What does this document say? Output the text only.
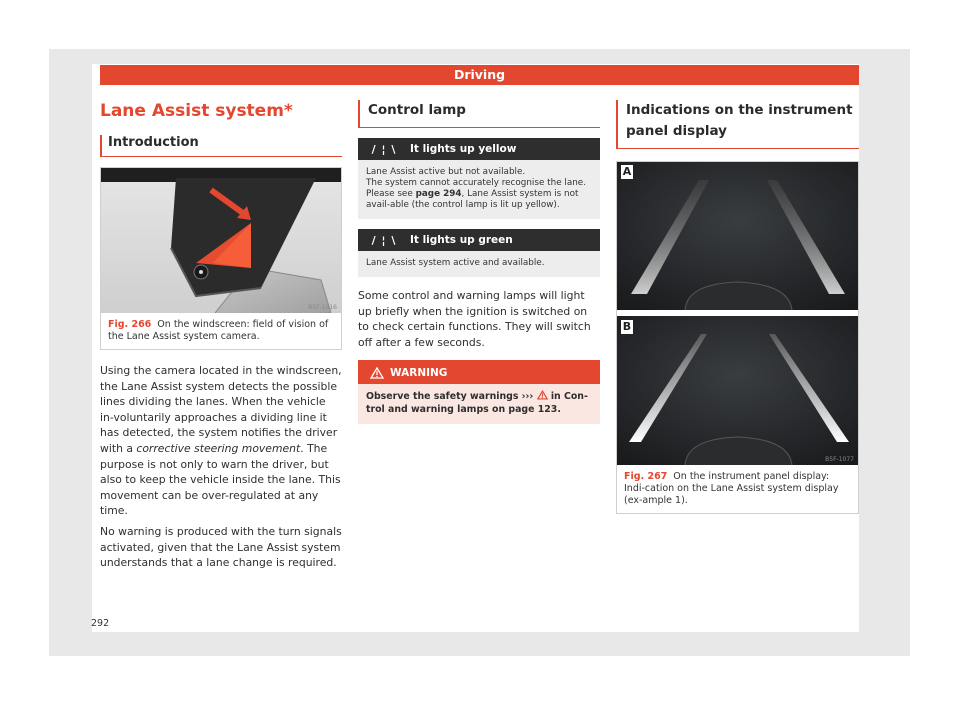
Driving
Lane Assist system*
Introduction
B5F-1016
Fig. 266 On the windscreen: field of vision of the Lane Assist system camera.

Using the camera located in the windscreen, the Lane Assist system detects the possible lines dividing the lanes. When the vehicle in-voluntarily approaches a dividing line it has detected, the system notifies the driver with a corrective steering movement. The purpose is not only to warn the driver, but also to keep the vehicle inside the lane. This movement can be over-regulated at any time.

No warning is produced with the turn signals activated, given that the Lane Assist system understands that a lane change is required.

Control lamp
/ ¦ \	It lights up yellow
Lane Assist active but not available.
The system cannot accurately recognise the lane. Please see page 294, Lane Assist system is not avail-able (the control lamp is lit up yellow).
/ ¦ \	It lights up green
Lane Assist system active and available.
Some control and warning lamps will light up briefly when the ignition is switched on to check certain functions. They will switch off after a few seconds.
WARNING
Observe the safety warnings ››› in Con-trol and warning lamps on page 123.
Indications on the instrument panel display
A
B
B5F-1077
Fig. 267 On the instrument panel display: Indi-cation on the Lane Assist system display (ex-ample 1).
292
